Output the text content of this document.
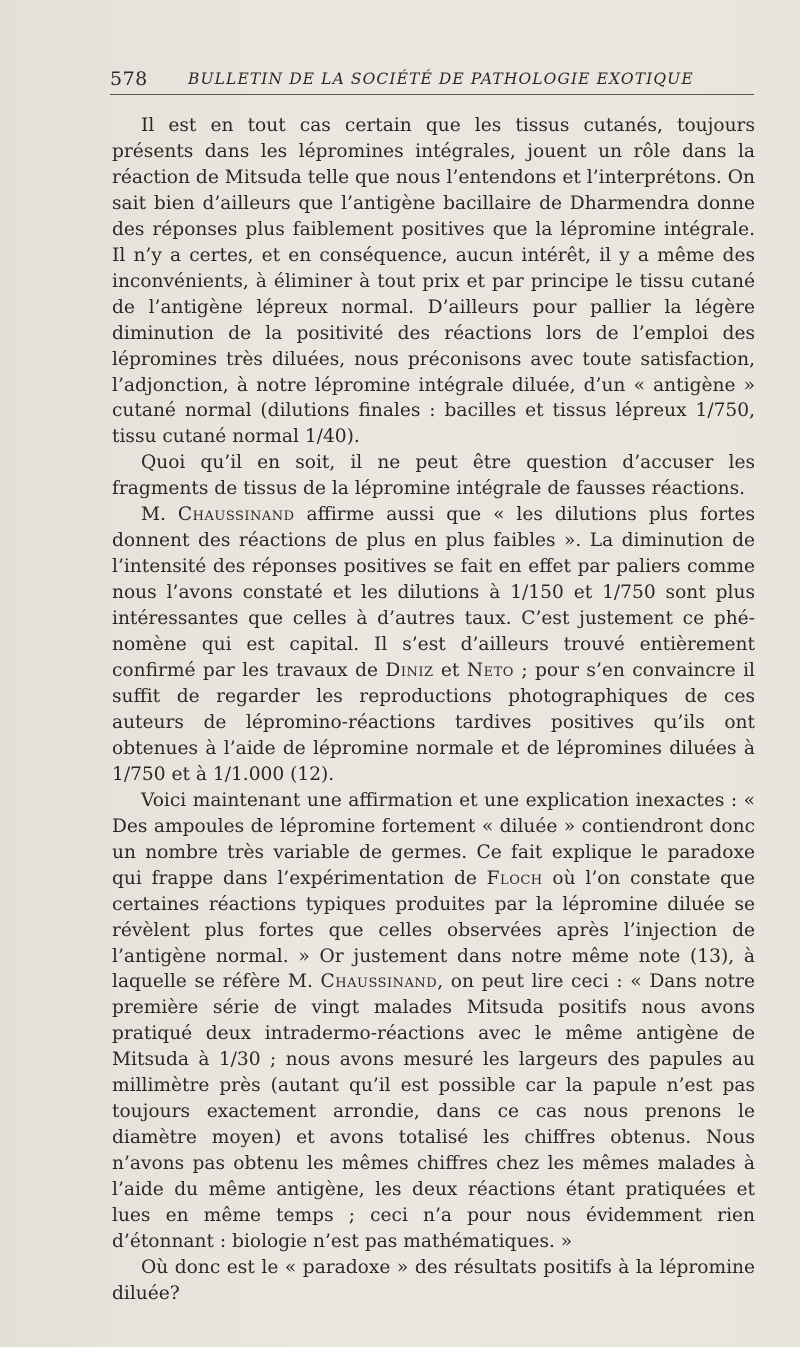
578	BULLETIN DE LA SOCIÉTÉ DE PATHOLOGIE EXOTIQUE

Il est en tout cas certain que les tissus cutanés, toujours présents dans les lépromines intégrales, jouent un rôle dans la réaction de Mitsuda telle que nous l’entendons et l’interprétons. On sait bien d’ailleurs que l’antigène bacillaire de Dharmendra donne des réponses plus faiblement positives que la lépromine intégrale. Il n’y a certes, et en conséquence, aucun intérêt, il y a même des inconvénients, à éliminer à tout prix et par principe le tissu cutané de l’antigène lépreux normal. D’ailleurs pour pallier la légère diminution de la positivité des réactions lors de l’emploi des lépromines très diluées, nous préconisons avec toute satisfaction, l’adjonction, à notre lépromine intégrale diluée, d’un « antigène » cutané normal (dilutions finales : bacilles et tissus lépreux 1/750, tissu cutané normal 1/40).

Quoi qu’il en soit, il ne peut être question d’accuser les fragments de tissus de la lépromine intégrale de fausses réactions.

M. Chaussinand affirme aussi que « les dilutions plus fortes donnent des réactions de plus en plus faibles ». La diminution de l’intensité des réponses positives se fait en effet par paliers comme nous l’avons constaté et les dilutions à 1/150 et 1/750 sont plus intéressantes que celles à d’autres taux. C’est justement ce phénomène qui est capital. Il s’est d’ailleurs trouvé entièrement confirmé par les travaux de Diniz et Neto ; pour s’en convaincre il suffit de regarder les reproductions photographiques de ces auteurs de lépromino-réactions tardives positives qu’ils ont obtenues à l’aide de lépromine normale et de lépromines diluées à 1/750 et à 1/1.000 (12).

Voici maintenant une affirmation et une explication inexactes : « Des ampoules de lépromine fortement « diluée » contiendront donc un nombre très variable de germes. Ce fait explique le paradoxe qui frappe dans l’expérimentation de Floch où l’on constate que certaines réactions typiques produites par la lépromine diluée se révèlent plus fortes que celles observées après l’injection de l’antigène normal. » Or justement dans notre même note (13), à laquelle se réfère M. Chaussinand, on peut lire ceci : « Dans notre première série de vingt malades Mitsuda positifs nous avons pratiqué deux intradermo-réactions avec le même antigène de Mitsuda à 1/30 ; nous avons mesuré les largeurs des papules au millimètre près (autant qu’il est possible car la papule n’est pas toujours exactement arrondie, dans ce cas nous prenons le diamètre moyen) et avons totalisé les chiffres obtenus. Nous n’avons pas obtenu les mêmes chiffres chez les mêmes malades à l’aide du même antigène, les deux réactions étant pratiquées et lues en même temps ; ceci n’a pour nous évidemment rien d’étonnant : biologie n’est pas mathématiques. »

Où donc est le « paradoxe » des résultats positifs à la lépromine diluée?
